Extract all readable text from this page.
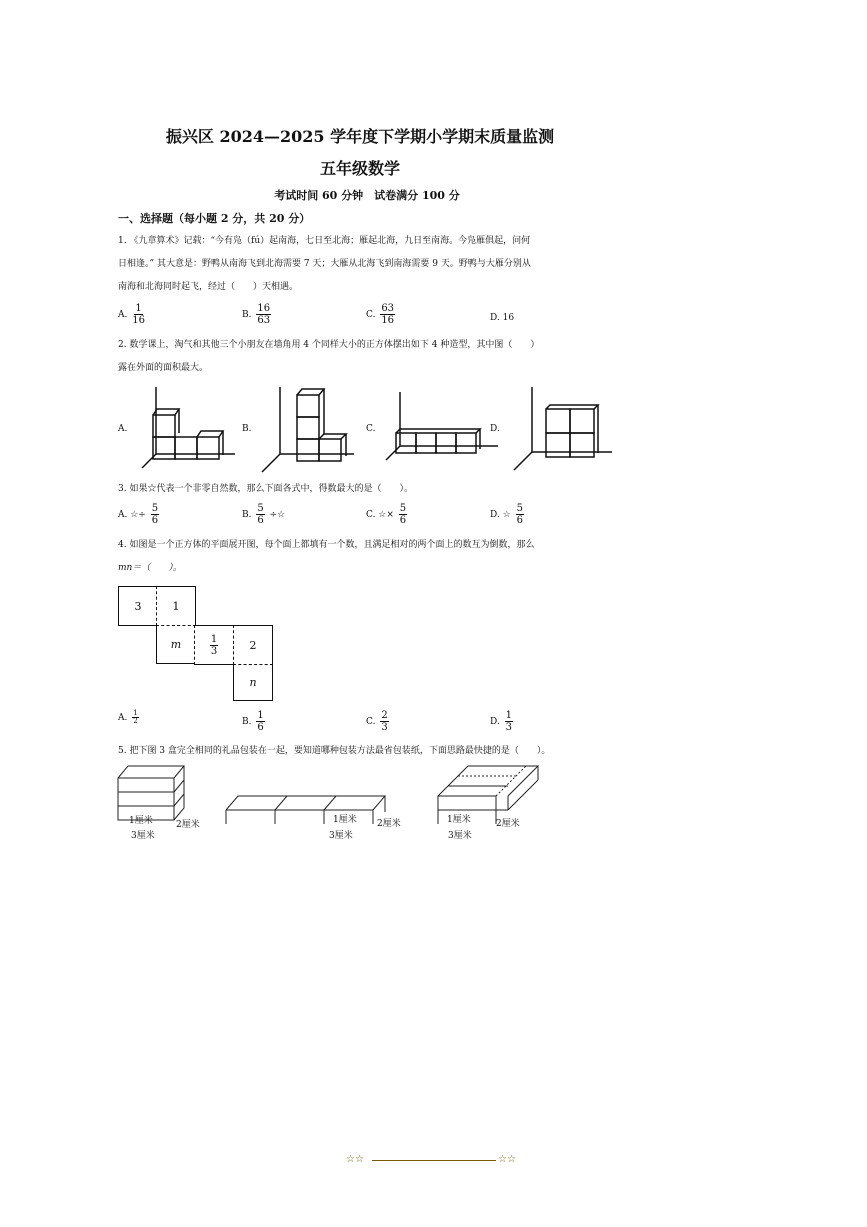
振兴区 2024—2025 学年度下学期小学期末质量监测
五年级数学
考试时间 60 分钟　试卷满分 100 分
一、选择题（每小题 2 分，共 20 分）
1. 《九章算术》记载：“今有凫（fú）起南海，七日至北海；雁起北海，九日至南海。今凫雁俱起，问何
日相逢。” 其大意是：野鸭从南海飞到北海需要 7 天；大雁从北海飞到南海需要 9 天。野鸭与大雁分别从
南海和北海同时起飞，经过（　　）天相遇。
A. $\frac{1}{16}$	B. $\frac{16}{63}$	C. $\frac{63}{16}$	D. 16
2. 数学课上，淘气和其他三个小朋友在墙角用 4 个同样大小的正方体摆出如下 4 种造型，其中图（　　）
露在外面的面积最大。
A.	B.	C.	D.
3. 如果☆代表一个非零自然数，那么下面各式中，得数最大的是（　　）。
A. ☆÷ $\frac{5}{6}$	B. $\frac{5}{6}$ ÷☆	C. ☆× $\frac{5}{6}$	D. ☆ $\frac{5}{6}$
4. 如图是一个正方体的平面展开图，每个面上都填有一个数，且满足相对的两个面上的数互为倒数，那么
mn＝（　　）。
3	1
m	$\frac{1}{3}$	2
n
A. $\frac{1}{2}$	B. $\frac{1}{6}$	C. $\frac{2}{3}$	D. $\frac{1}{3}$
5. 把下图 3 盒完全相同的礼品包装在一起，要知道哪种包装方法最省包装纸，下面思路最快捷的是（　　）。
1厘米	2厘米
3厘米
1厘米 2厘米
3厘米
1厘米	2厘米
3厘米
☆☆	☆☆
